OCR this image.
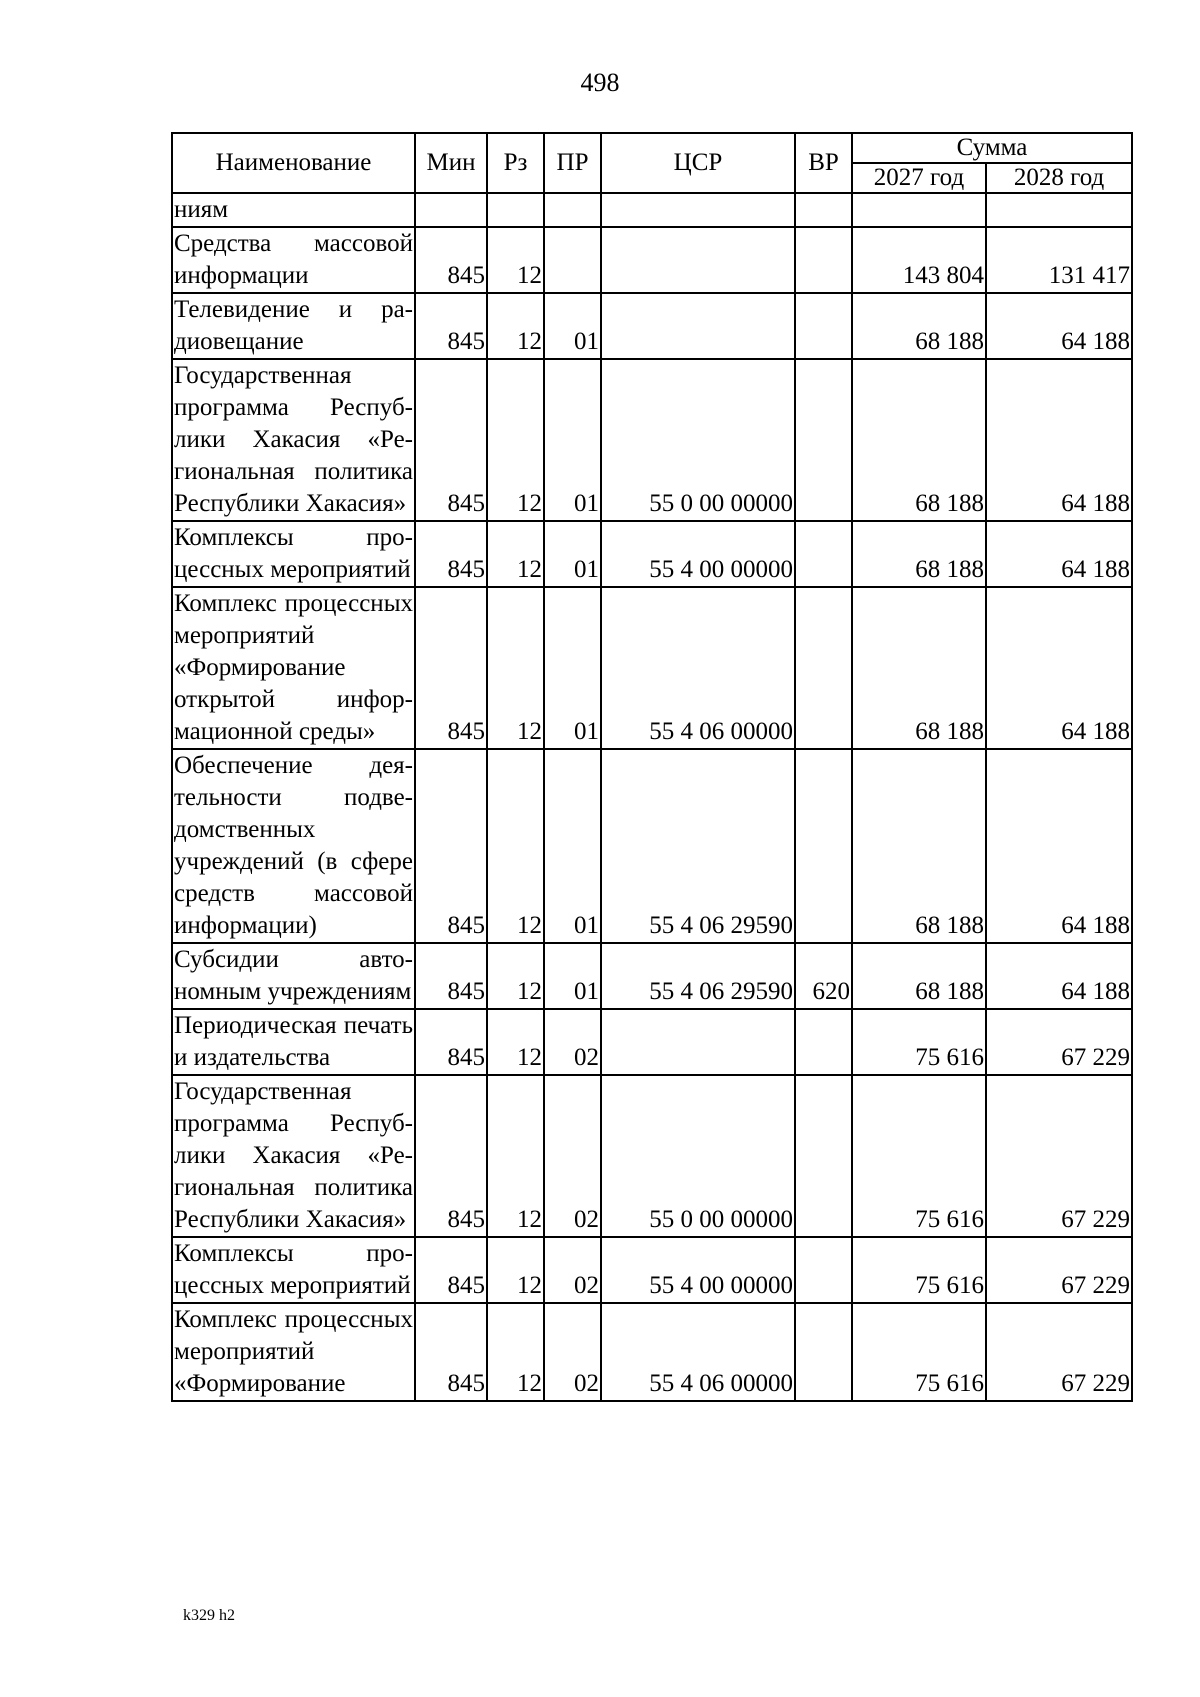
498
Наименование	Мин	Рз	ПР	ЦСР	ВР	Сумма	
						2027 год	2028 год
ниям							
Средства массовой информации	845	12				143 804	131 417
Телевидение и радиовещание	845	12	01			68 188	64 188
Государственная программа Республики Хакасия «Региональная политика Республики Хакасия»	845	12	01	55 0 00 00000		68 188	64 188
Комплексы процессных мероприятий	845	12	01	55 4 00 00000		68 188	64 188
Комплекс процессных мероприятий «Формирование открытой информационной среды»	845	12	01	55 4 06 00000		68 188	64 188
Обеспечение деятельности подведомственных учреждений (в сфере средств массовой информации)	845	12	01	55 4 06 29590		68 188	64 188
Субсидии автономным учреждениям	845	12	01	55 4 06 29590	620	68 188	64 188
Периодическая печать и издательства	845	12	02			75 616	67 229
Государственная программа Республики Хакасия «Региональная политика Республики Хакасия»	845	12	02	55 0 00 00000		75 616	67 229
Комплексы процессных мероприятий	845	12	02	55 4 00 00000		75 616	67 229
Комплекс процессных мероприятий «Формирование	845	12	02	55 4 06 00000		75 616	67 229
k329 h2
